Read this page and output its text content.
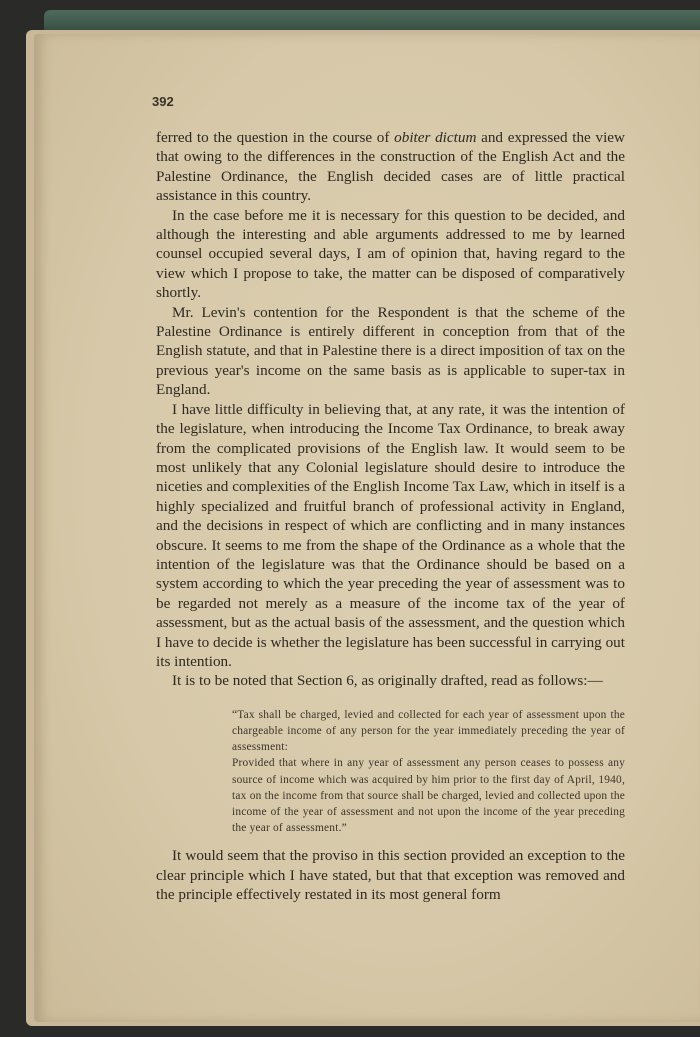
392

ferred to the question in the course of obiter dictum and expressed the view that owing to the differences in the construction of the English Act and the Palestine Ordinance, the English decided cases are of little practical assistance in this country.

In the case before me it is necessary for this question to be decided, and although the interesting and able arguments addressed to me by learned counsel occupied several days, I am of opinion that, having regard to the view which I propose to take, the matter can be disposed of comparatively shortly.

Mr. Levin's contention for the Respondent is that the scheme of the Palestine Ordinance is entirely different in conception from that of the English statute, and that in Palestine there is a direct imposition of tax on the previous year's income on the same basis as is applicable to super-tax in England.

I have little difficulty in believing that, at any rate, it was the intention of the legislature, when introducing the Income Tax Ordinance, to break away from the complicated provisions of the English law. It would seem to be most unlikely that any Colonial legislature should desire to introduce the niceties and complexities of the English Income Tax Law, which in itself is a highly specialized and fruitful branch of professional activity in England, and the decisions in respect of which are conflicting and in many instances obscure. It seems to me from the shape of the Ordinance as a whole that the intention of the legislature was that the Ordinance should be based on a system according to which the year preceding the year of assessment was to be regarded not merely as a measure of the income tax of the year of assessment, but as the actual basis of the assessment, and the question which I have to decide is whether the legislature has been successful in carrying out its intention.

It is to be noted that Section 6, as originally drafted, read as follows:—

“Tax shall be charged, levied and collected for each year of assessment upon the chargeable income of any person for the year immediately preceding the year of assessment:

Provided that where in any year of assessment any person ceases to possess any source of income which was acquired by him prior to the first day of April, 1940, tax on the income from that source shall be charged, levied and collected upon the income of the year of assessment and not upon the income of the year preceding the year of assessment.”

It would seem that the proviso in this section provided an exception to the clear principle which I have stated, but that that exception was removed and the principle effectively restated in its most general form
